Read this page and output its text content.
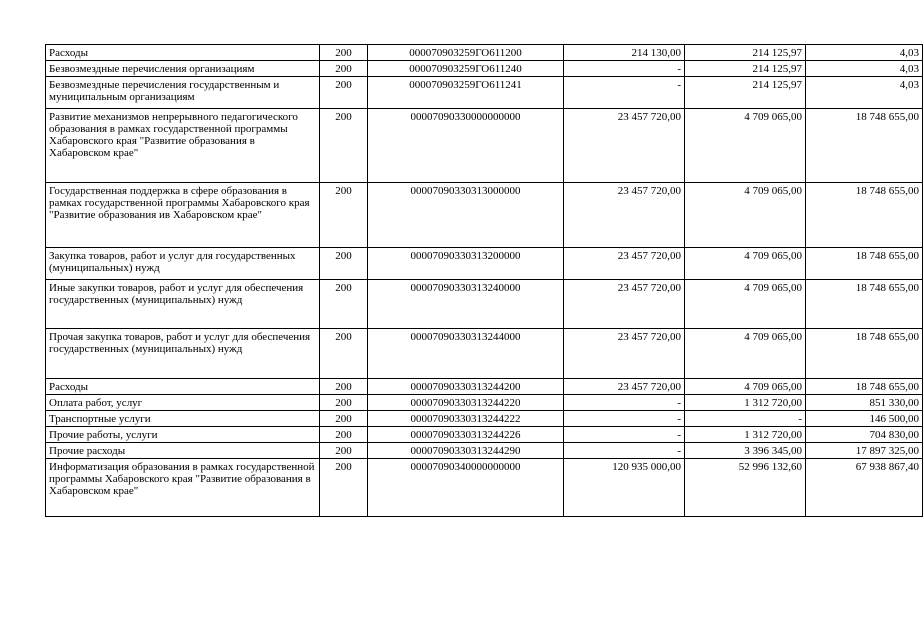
Расходы	200	000070903259ГО611200	214 130,00	214 125,97	4,03
Безвозмездные перечисления организациям	200	000070903259ГО611240	-	214 125,97	4,03
Безвозмездные перечисления государственным и муниципальным организациям	200	000070903259ГО611241	-	214 125,97	4,03
Развитие механизмов непрерывного педагогического образования в рамках государственной программы Хабаровского края "Развитие образования в Хабаровском крае"	200	00007090330000000000	23 457 720,00	4 709 065,00	18 748 655,00
Государственная поддержка в сфере образования в рамках государственной программы Хабаровского края "Развитие образования ив Хабаровском крае"	200	00007090330313000000	23 457 720,00	4 709 065,00	18 748 655,00
Закупка товаров, работ и услуг для государственных (муниципальных) нужд	200	00007090330313200000	23 457 720,00	4 709 065,00	18 748 655,00
Иные закупки товаров, работ и услуг для обеспечения государственных (муниципальных) нужд	200	00007090330313240000	23 457 720,00	4 709 065,00	18 748 655,00
Прочая закупка товаров, работ и услуг для обеспечения государственных (муниципальных) нужд	200	00007090330313244000	23 457 720,00	4 709 065,00	18 748 655,00
Расходы	200	00007090330313244200	23 457 720,00	4 709 065,00	18 748 655,00
Оплата работ, услуг	200	00007090330313244220	-	1 312 720,00	851 330,00
Транспортные услуги	200	00007090330313244222	-	-	146 500,00
Прочие работы, услуги	200	00007090330313244226	-	1 312 720,00	704 830,00
Прочие расходы	200	00007090330313244290	-	3 396 345,00	17 897 325,00
Информатизация образования в рамках государственной программы Хабаровского края "Развитие образования в Хабаровском крае"	200	00007090340000000000	120 935 000,00	52 996 132,60	67 938 867,40
